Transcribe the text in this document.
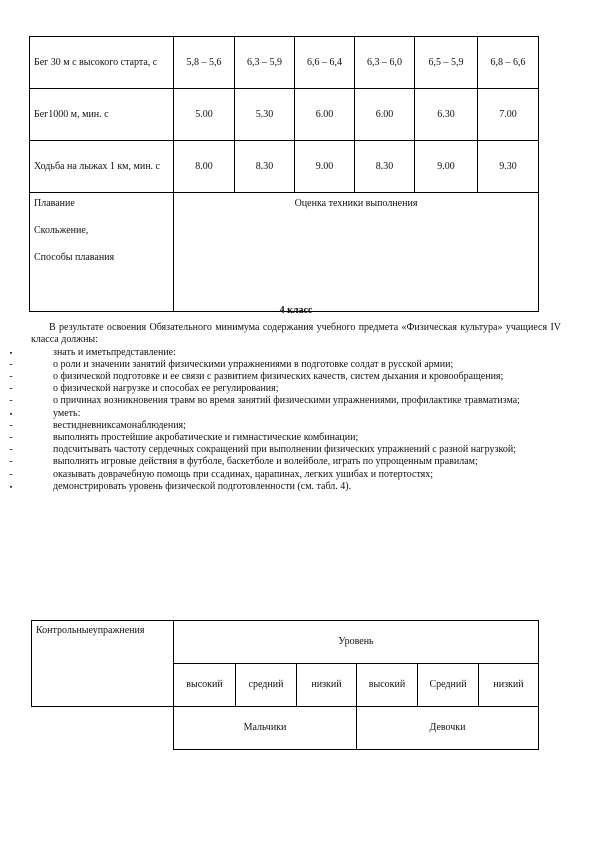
Бег 30 м с высокого старта, с	5,8 – 5,6	6,3 – 5,9	6,6 – 6,4	6,3 – 6,0	6,5 – 5,9	6,8 – 6,6
Бег1000 м, мин. с	5.00	5.30	6.00	6.00	6.30	7.00
Ходьба на лыжах 1 км, мин. с	8.00	8.30	9.00	8.30	9.00	9.30

Плавание

Скольжение,

Способы плавания	Оценка техники выполнения					

4 класс

В результате освоения Обязательного минимума содержания учебного предмета «Физическая культура» учащиеся IV класса должны:

▪	знать и иметьпредставление:
-	о роли и значении занятий физическими упражнениями в подготовке солдат в русской армии;
-	о физической подготовке и ее связи с развитием физических качеств, систем дыхания и кровообращения;
-	о физической нагрузке и способах ее регулирования;
-	о причинах возникновения травм во время занятий физическими упражнениями, профилактике травматизма;
▪	уметь:
-	вестидневниксамонаблюдения;
-	выполнять простейшие акробатические и гимнастические комбинации;
-	подсчитывать частоту сердечных сокращений при выполнении физических упражнений с разной нагрузкой;
-	выполнять игровые действия в футболе, баскетболе и волейболе, играть по упрощенным правилам;
-	оказывать доврачебную помощь при ссадинах, царапинах, легких ушибах и потертостях;
▪	демонстрировать уровень физической подготовленности (см. табл. 4).
Контрольныеупражнения	Уровень					
	высокий	средний	низкий	высокий	Средний	низкий
	Мальчики			Девочки		
